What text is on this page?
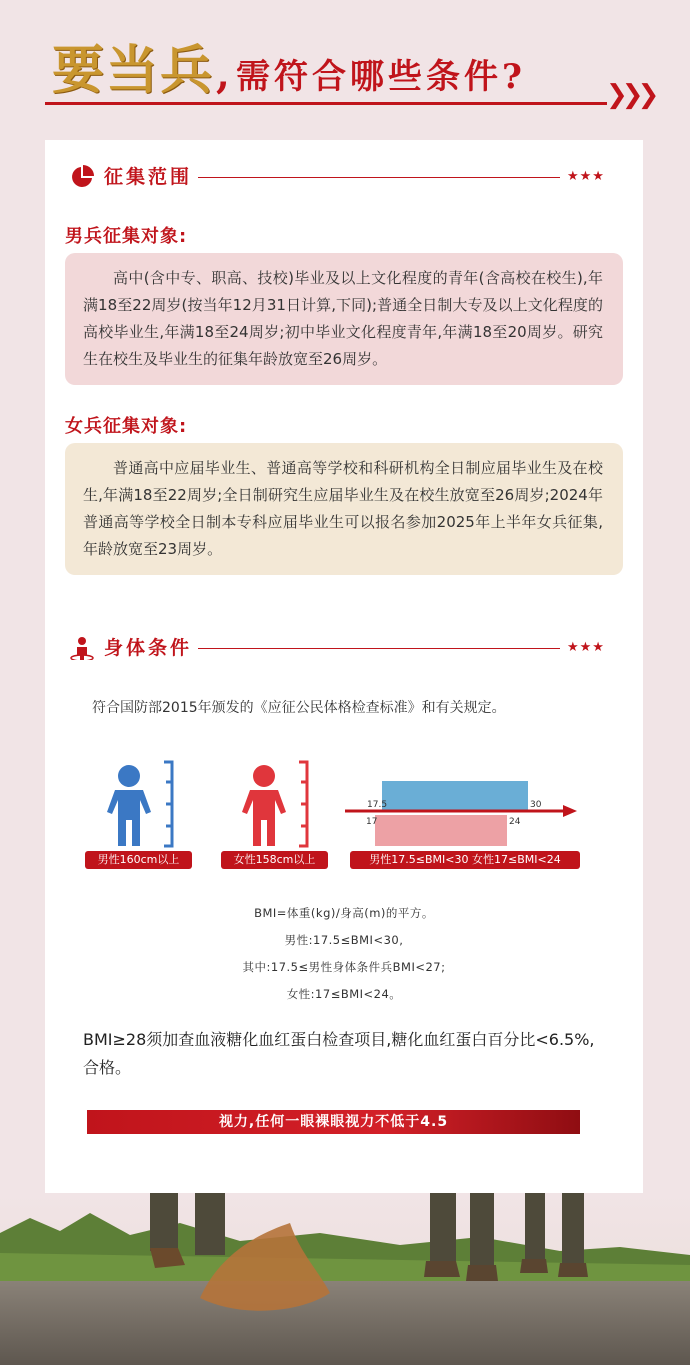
要当兵, 需符合哪些条件?	❯❯❯
征集范围	★★★
男兵征集对象:
高中(含中专、职高、技校)毕业及以上文化程度的青年(含高校在校生),年满18至22周岁(按当年12月31日计算,下同);普通全日制大专及以上文化程度的高校毕业生,年满18至24周岁;初中毕业文化程度青年,年满18至20周岁。研究生在校生及毕业生的征集年龄放宽至26周岁。
女兵征集对象:
普通高中应届毕业生、普通高等学校和科研机构全日制应届毕业生及在校生,年满18至22周岁;全日制研究生应届毕业生及在校生放宽至26周岁;2024年普通高等学校全日制本专科应届毕业生可以报名参加2025年上半年女兵征集,年龄放宽至23周岁。
身体条件	★★★
符合国防部2015年颁发的《应征公民体格检查标准》和有关规定。
男性160cm以上	女性158cm以上
17.5	30
17	24
男性17.5≤BMI<30 女性17≤BMI<24
BMI=体重(kg)/身高(m)的平方。
男性:17.5≤BMI<30,
其中:17.5≤男性身体条件兵BMI<27;
女性:17≤BMI<24。
BMI≥28须加查血液糖化血红蛋白检查项目,糖化血红蛋白百分比<6.5%,合格。
视力,任何一眼裸眼视力不低于4.5
